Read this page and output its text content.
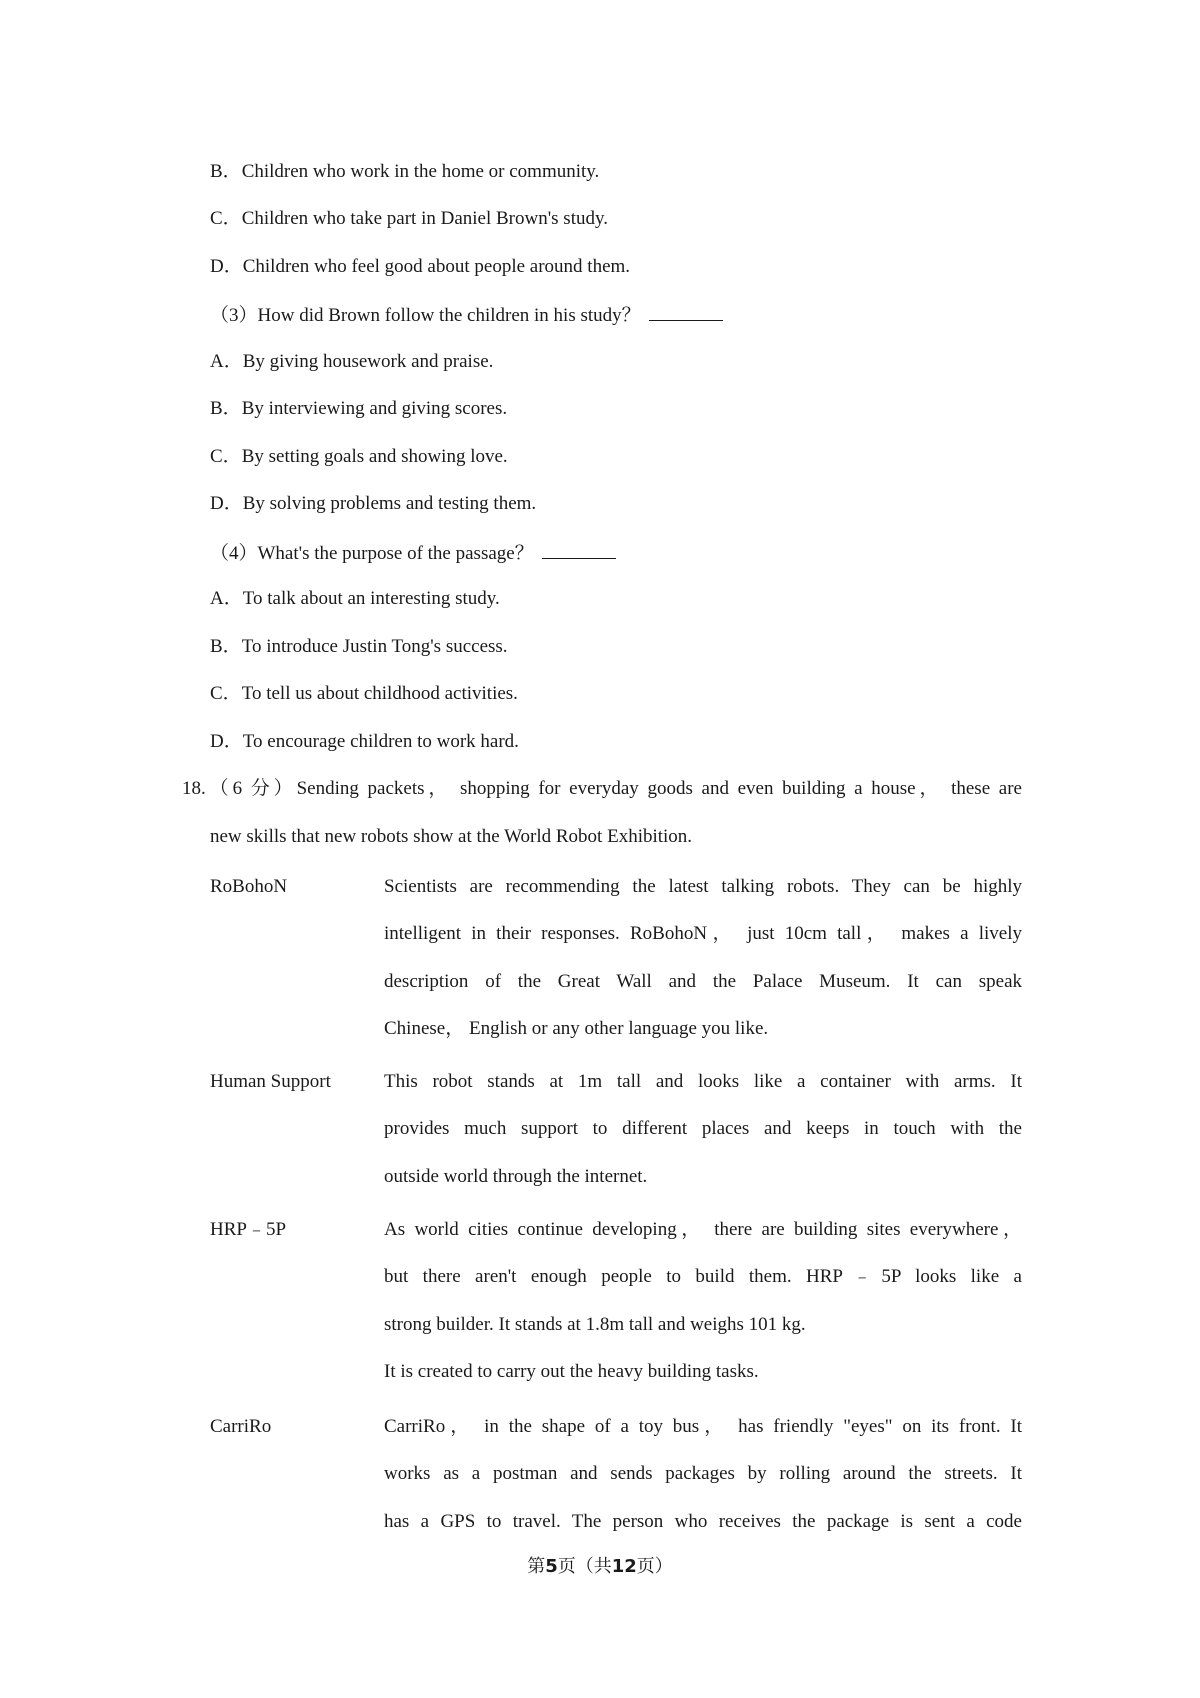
B．Children who work in the home or community.
C．Children who take part in Daniel Brown's study.
D．Children who feel good about people around them.
（3）How did Brown follow the children in his study？
A．By giving housework and praise.
B．By interviewing and giving scores.
C．By setting goals and showing love.
D．By solving problems and testing them.
（4）What's the purpose of the passage？
A．To talk about an interesting study.
B．To introduce Justin Tong's success.
C．To tell us about childhood activities.
D．To encourage children to work hard.
18.（6 分）Sending packets， shopping for everyday goods and even building a house， these are
new skills that new robots show at the World Robot Exhibition.
RoBohoN	Scientists are recommending the latest talking robots. They can be highly
intelligent in their responses. RoBohoN， just 10cm tall， makes a lively
description of the Great Wall and the Palace Museum. It can speak
Chinese， English or any other language you like.
Human Support	This robot stands at 1m tall and looks like a container with arms. It
provides much support to different places and keeps in touch with the
outside world through the internet.
HRP﹣5P	As world cities continue developing， there are building sites everywhere，
but there aren't enough people to build them. HRP﹣5P looks like a
strong builder. It stands at 1.8m tall and weighs 101 kg.
It is created to carry out the heavy building tasks.
CarriRo	CarriRo， in the shape of a toy bus， has friendly "eyes" on its front. It
works as a postman and sends packages by rolling around the streets. It
has a GPS to travel. The person who receives the package is sent a code
第5页（共12页）
